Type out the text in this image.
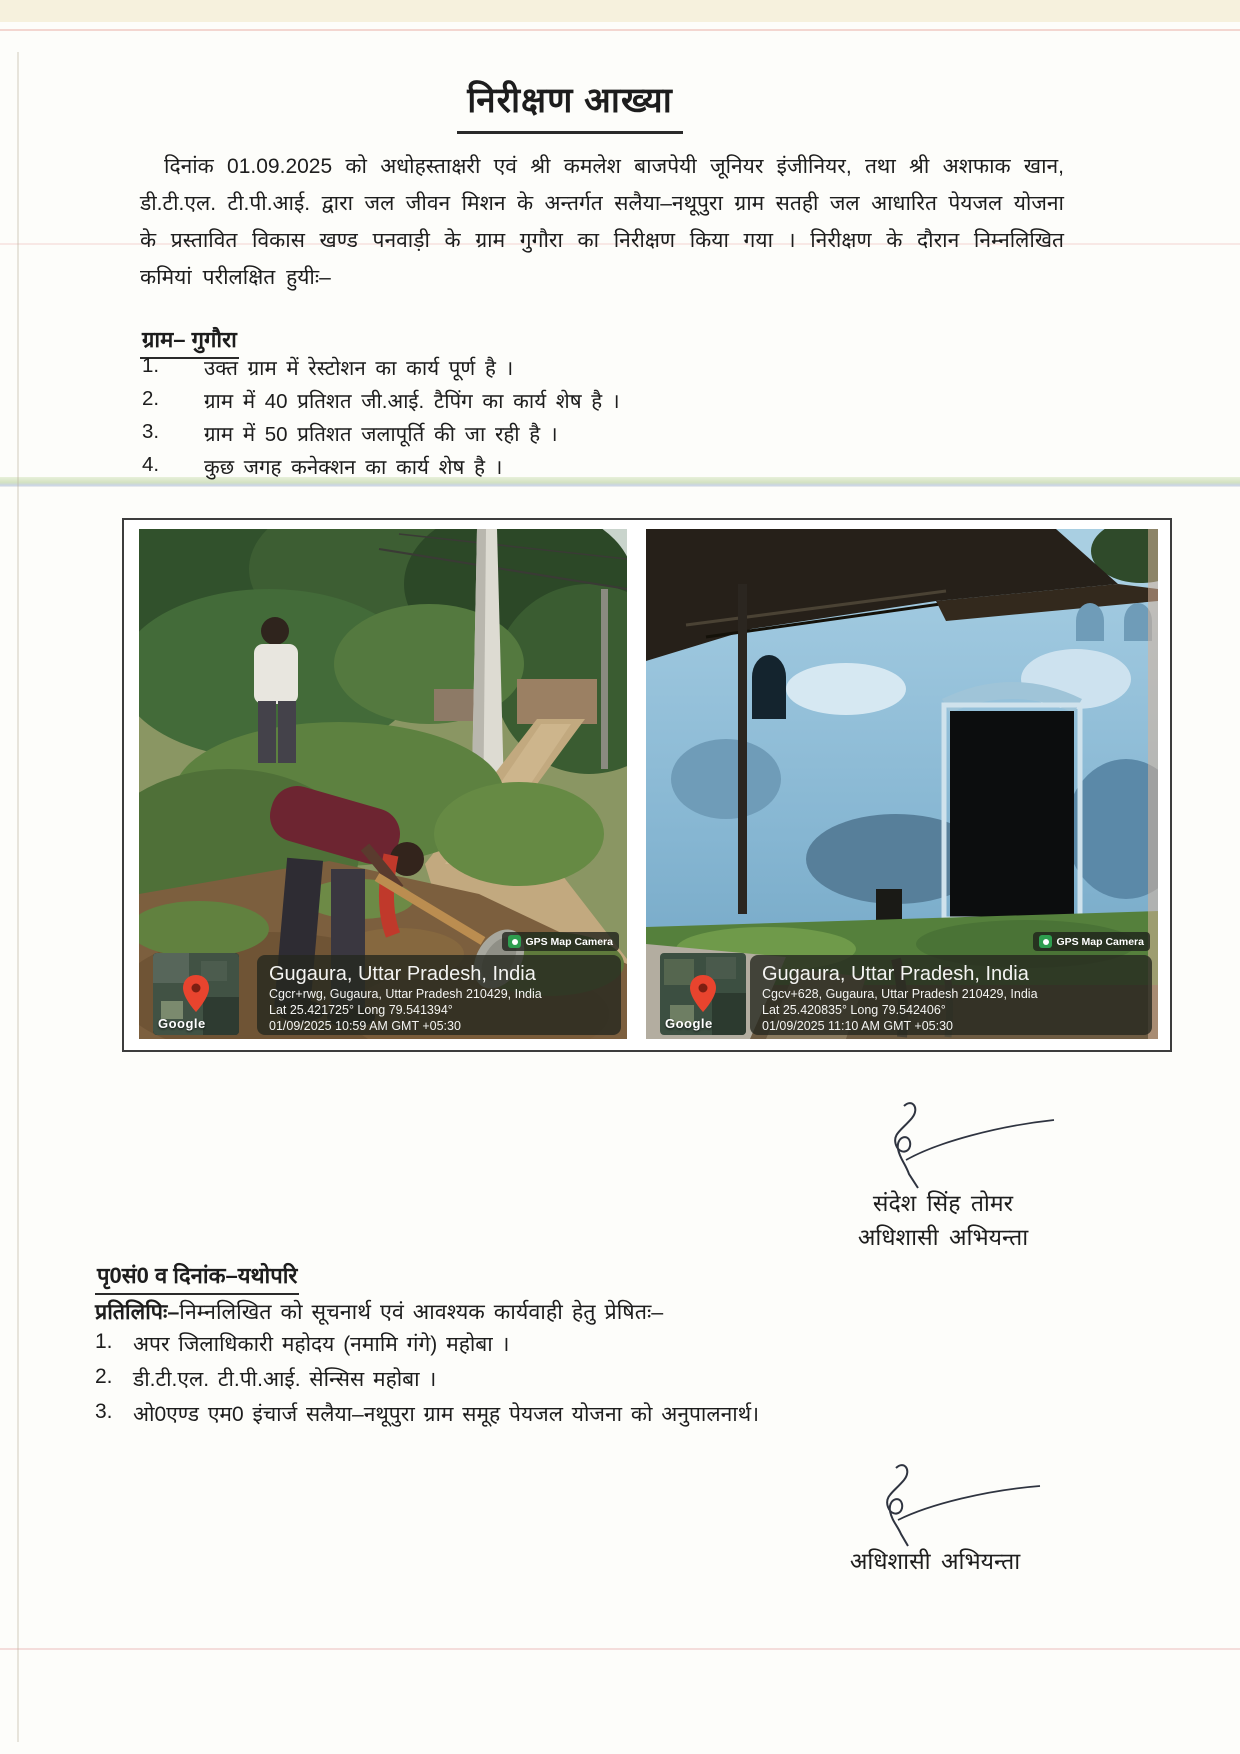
निरीक्षण आख्या
दिनांक 01.09.2025 को अधोहस्ताक्षरी एवं श्री कमलेश बाजपेयी जूनियर इंजीनियर, तथा श्री अशफाक खान, डी.टी.एल. टी.पी.आई. द्वारा जल जीवन मिशन के अन्तर्गत सलैया–नथूपुरा ग्राम सतही जल आधारित पेयजल योजना के प्रस्तावित विकास खण्ड पनवाड़ी के ग्राम गुगौरा का निरीक्षण किया गया । निरीक्षण के दौरान निम्नलिखित कमियां परीलक्षित हुयीः–
ग्राम– गुगौरा
1.	उक्त ग्राम में रेस्टोशन का कार्य पूर्ण है ।
2.	ग्राम में 40 प्रतिशत जी.आई. टैपिंग का कार्य शेष है ।
3.	ग्राम में 50 प्रतिशत जलापूर्ति की जा रही है ।
4.	कुछ जगह कनेक्शन का कार्य शेष है ।
GPS Map Camera
Google
Gugaura, Uttar Pradesh, India
Cgcr+rwg, Gugaura, Uttar Pradesh 210429, India
Lat 25.421725° Long 79.541394°
01/09/2025 10:59 AM GMT +05:30
GPS Map Camera
Google
Gugaura, Uttar Pradesh, India
Cgcv+628, Gugaura, Uttar Pradesh 210429, India
Lat 25.420835° Long 79.542406°
01/09/2025 11:10 AM GMT +05:30
संदेश सिंह तोमर
अधिशासी अभियन्ता
पृ0सं0 व दिनांक–यथोपरि
प्रतिलिपिः–निम्नलिखित को सूचनार्थ एवं आवश्यक कार्यवाही हेतु प्रेषितः–
1. अपर जिलाधिकारी महोदय (नमामि गंगे) महोबा ।
2. डी.टी.एल. टी.पी.आई. सेन्सिस महोबा ।
3. ओ0एण्ड एम0 इंचार्ज सलैया–नथूपुरा ग्राम समूह पेयजल योजना को अनुपालनार्थ।
अधिशासी अभियन्ता
